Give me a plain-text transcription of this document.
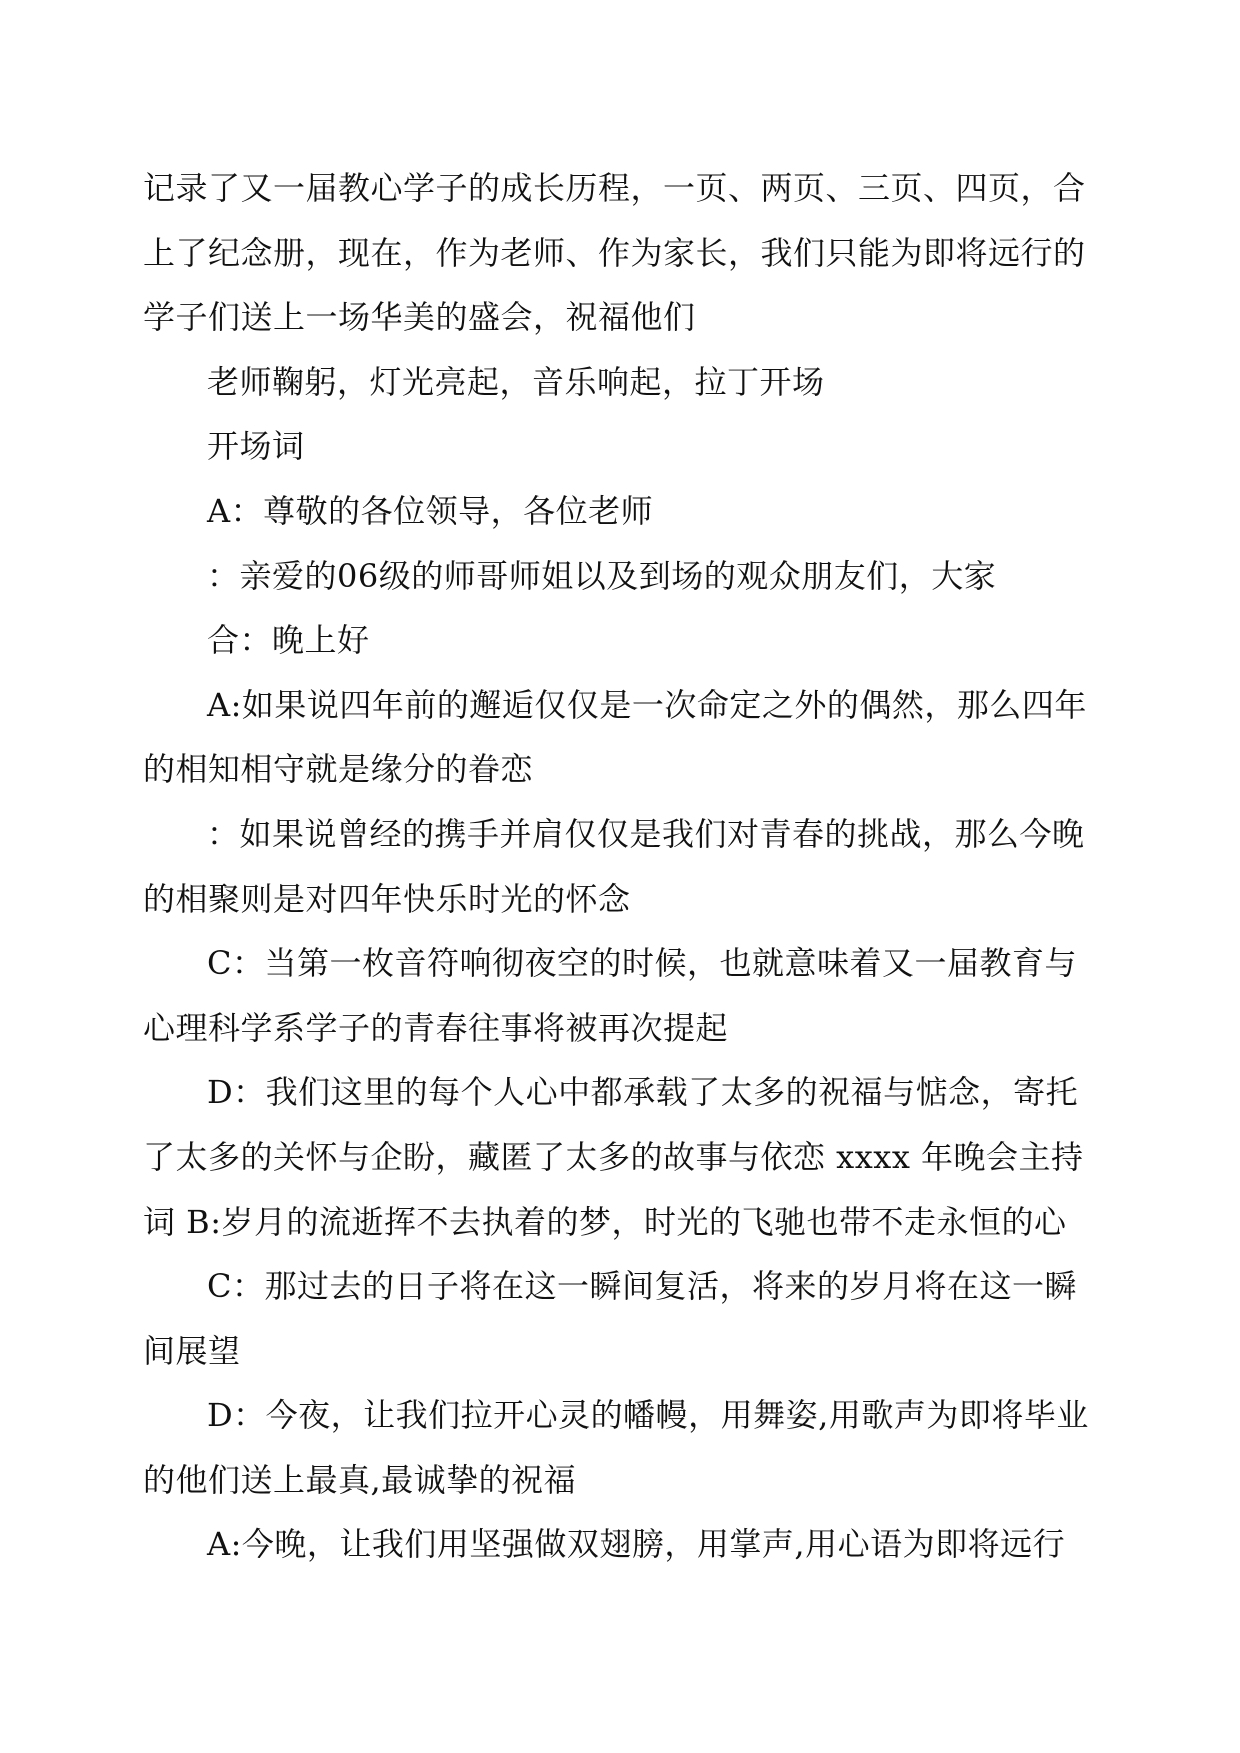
记录了又一届教心学子的成长历程，一页、两页、三页、四页，合上了纪念册，现在，作为老师、作为家长，我们只能为即将远行的学子们送上一场华美的盛会，祝福他们

老师鞠躬，灯光亮起，音乐响起，拉丁开场

开场词

A：尊敬的各位领导，各位老师

：亲爱的06级的师哥师姐以及到场的观众朋友们，大家

合：晚上好

A:如果说四年前的邂逅仅仅是一次命定之外的偶然，那么四年的相知相守就是缘分的眷恋

：如果说曾经的携手并肩仅仅是我们对青春的挑战，那么今晚的相聚则是对四年快乐时光的怀念

C：当第一枚音符响彻夜空的时候，也就意味着又一届教育与心理科学系学子的青春往事将被再次提起

D：我们这里的每个人心中都承载了太多的祝福与惦念，寄托了太多的关怀与企盼，藏匿了太多的故事与依恋 xxxx 年晚会主持词 B:岁月的流逝挥不去执着的梦，时光的飞驰也带不走永恒的心

C：那过去的日子将在这一瞬间复活，将来的岁月将在这一瞬间展望

D：今夜，让我们拉开心灵的幡幔，用舞姿,用歌声为即将毕业的他们送上最真,最诚挚的祝福

A:今晚，让我们用坚强做双翅膀，用掌声,用心语为即将远行
